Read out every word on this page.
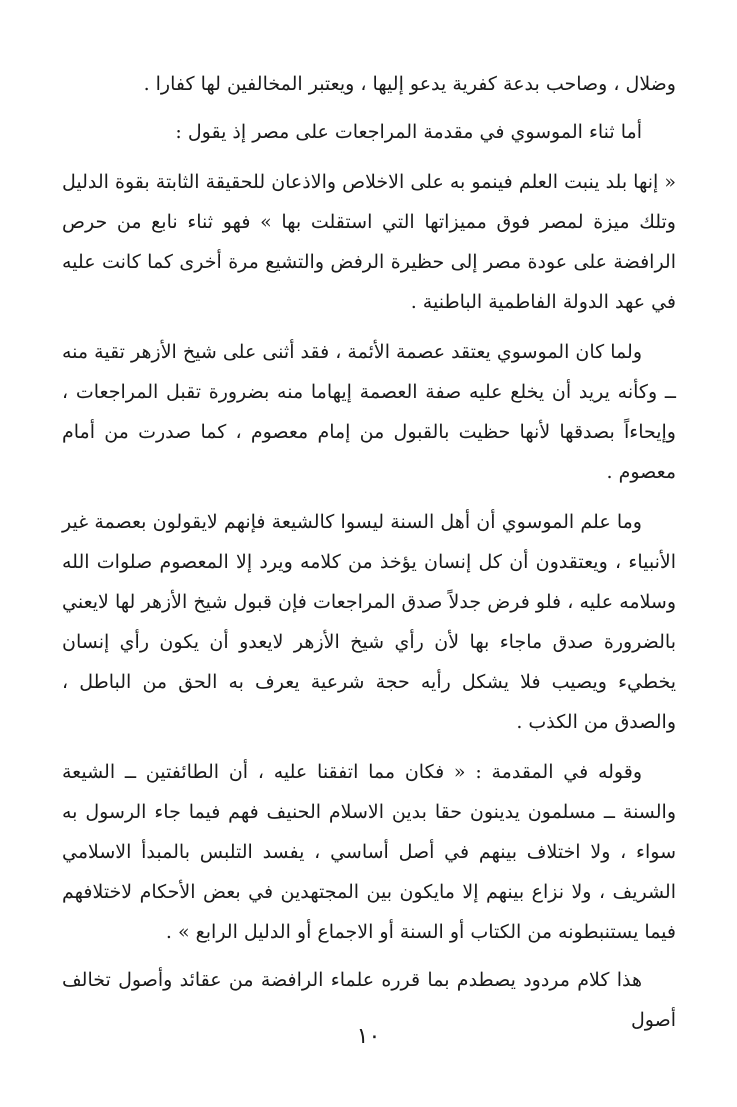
وضلال ، وصاحب بدعة كفرية يدعو إليها ، ويعتبر المخالفين لها كفارا .

أما ثناء الموسوي في مقدمة المراجعات على مصر إذ يقول :

« إنها بلد ينبت العلم فينمو به على الاخلاص والاذعان للحقيقة الثابتة بقوة الدليل وتلك ميزة لمصر فوق مميزاتها التي استقلت بها » فهو ثناء نابع من حرص الرافضة على عودة مصر إلى حظيرة الرفض والتشيع مرة أخرى كما كانت عليه في عهد الدولة الفاطمية الباطنية .

ولما كان الموسوي يعتقد عصمة الأئمة ، فقد أثنى على شيخ الأزهر تقية منه ــ وكأنه يريد أن يخلع عليه صفة العصمة إيهاما منه بضرورة تقبل المراجعات ، وإيحاءاً بصدقها لأنها حظيت بالقبول من إمام معصوم ، كما صدرت من أمام معصوم .

وما علم الموسوي أن أهل السنة ليسوا كالشيعة فإنهم لايقولون بعصمة غير الأنبياء ، ويعتقدون أن كل إنسان يؤخذ من كلامه ويرد إلا المعصوم صلوات الله وسلامه عليه ، فلو فرض جدلاً صدق المراجعات فإن قبول شيخ الأزهر لها لايعني بالضرورة صدق ماجاء بها لأن رأي شيخ الأزهر لايعدو أن يكون رأي إنسان يخطيء ويصيب فلا يشكل رأيه حجة شرعية يعرف به الحق من الباطل ، والصدق من الكذب .

وقوله في المقدمة : « فكان مما اتفقنا عليه ، أن الطائفتين ــ الشيعة والسنة ــ مسلمون يدينون حقا بدين الاسلام الحنيف فهم فيما جاء الرسول به سواء ، ولا اختلاف بينهم في أصل أساسي ، يفسد التلبس بالمبدأ الاسلامي الشريف ، ولا نزاع بينهم إلا مايكون بين المجتهدين في بعض الأحكام لاختلافهم فيما يستنبطونه من الكتاب أو السنة أو الاجماع أو الدليل الرابع » .

هذا كلام مردود يصطدم بما قرره علماء الرافضة من عقائد وأصول تخالف أصول

١٠
